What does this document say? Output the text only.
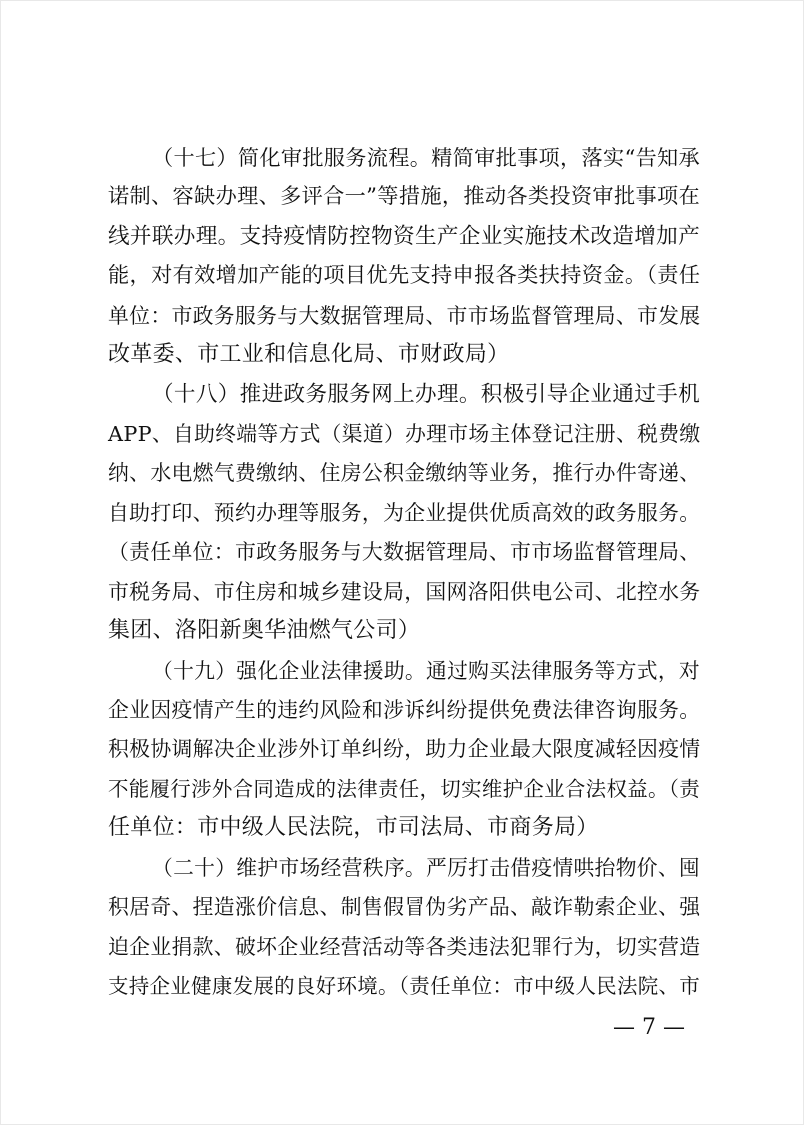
（十七）简化审批服务流程。精简审批事项，落实“告知承
诺制、容缺办理、多评合一”等措施，推动各类投资审批事项在
线并联办理。支持疫情防控物资生产企业实施技术改造增加产
能，对有效增加产能的项目优先支持申报各类扶持资金。（责任
单位：市政务服务与大数据管理局、市市场监督管理局、市发展
改革委、市工业和信息化局、市财政局）
（十八）推进政务服务网上办理。积极引导企业通过手机
APP、自助终端等方式（渠道）办理市场主体登记注册、税费缴
纳、水电燃气费缴纳、住房公积金缴纳等业务，推行办件寄递、
自助打印、预约办理等服务，为企业提供优质高效的政务服务。
（责任单位：市政务服务与大数据管理局、市市场监督管理局、
市税务局、市住房和城乡建设局，国网洛阳供电公司、北控水务
集团、洛阳新奥华油燃气公司）
（十九）强化企业法律援助。通过购买法律服务等方式，对
企业因疫情产生的违约风险和涉诉纠纷提供免费法律咨询服务。
积极协调解决企业涉外订单纠纷，助力企业最大限度减轻因疫情
不能履行涉外合同造成的法律责任，切实维护企业合法权益。（责
任单位：市中级人民法院，市司法局、市商务局）
（二十）维护市场经营秩序。严厉打击借疫情哄抬物价、囤
积居奇、捏造涨价信息、制售假冒伪劣产品、敲诈勒索企业、强
迫企业捐款、破坏企业经营活动等各类违法犯罪行为，切实营造
支持企业健康发展的良好环境。（责任单位：市中级人民法院、市
— 7 —
